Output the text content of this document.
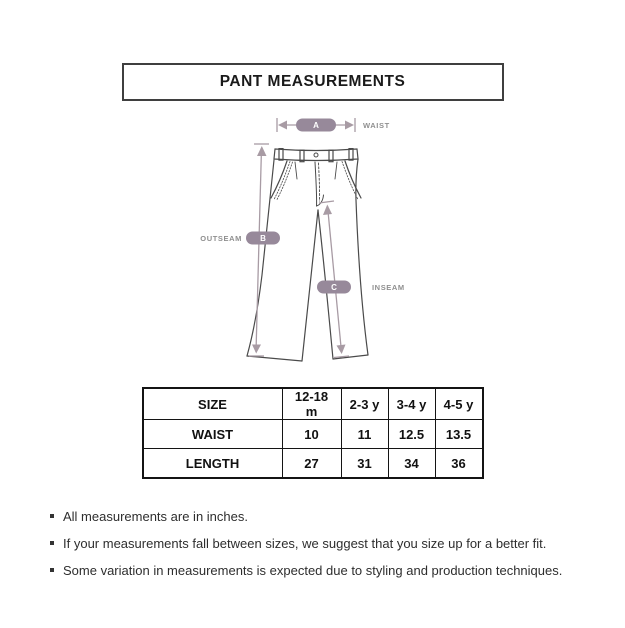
PANT MEASUREMENTS
A	WAIST
B
OUTSEAM
C	INSEAM
SIZE	12-18 m	2-3 y	3-4 y	4-5 y
WAIST	10	11	12.5	13.5
LENGTH	27	31	34	36
All measurements are in inches.
If your measurements fall between sizes, we suggest that you size up for a better fit.
Some variation in measurements is expected due to styling and production techniques.
